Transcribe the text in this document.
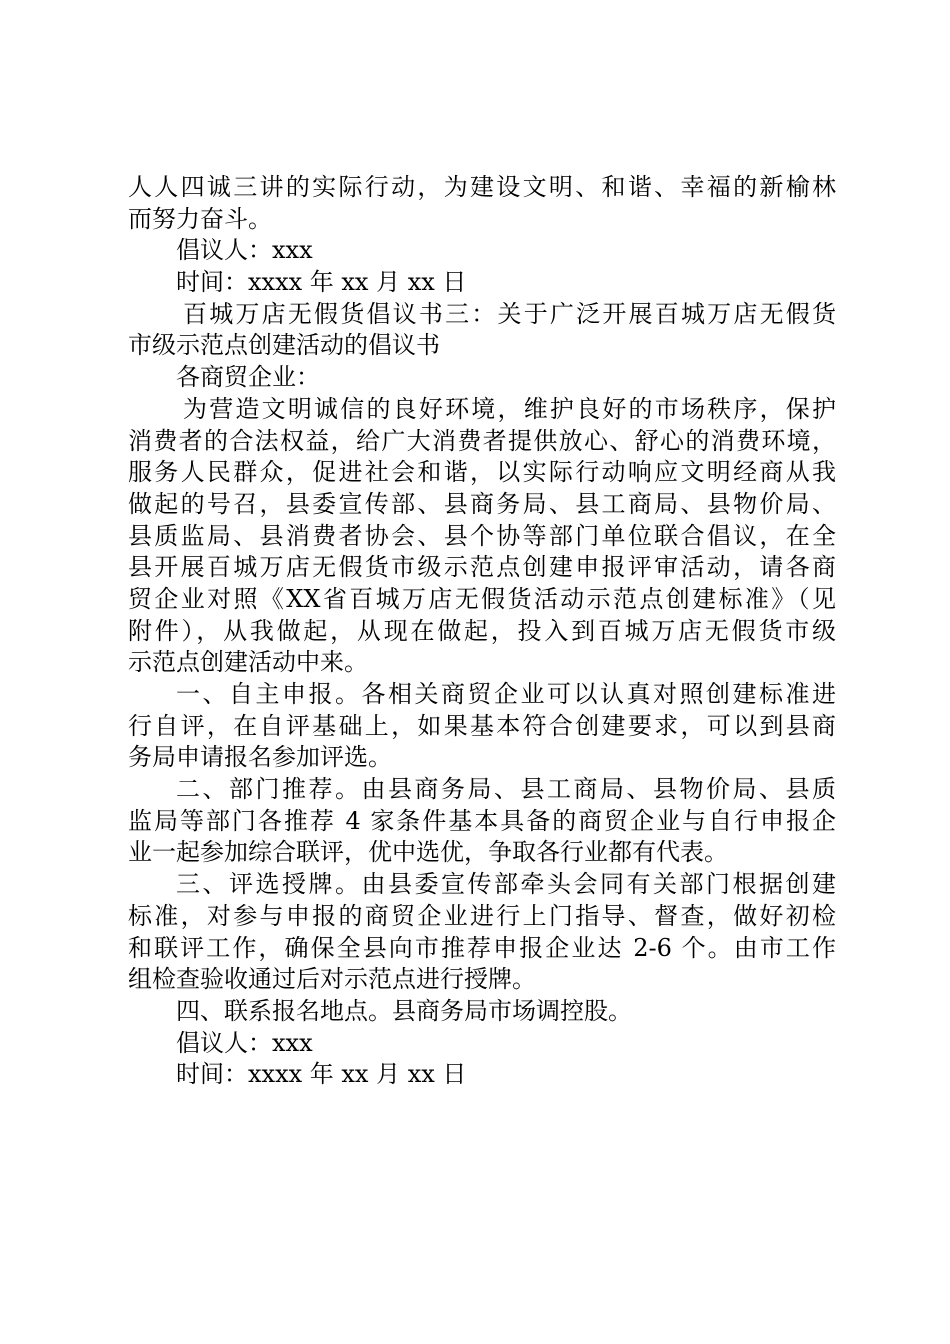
人人四诚三讲的实际行动，为建设文明、和谐、幸福的新榆林
而努力奋斗。
倡议人：xxx
时间：xxxx 年 xx 月 xx 日
百城万店无假货倡议书三：关于广泛开展百城万店无假货
市级示范点创建活动的倡议书
各商贸企业：
为营造文明诚信的良好环境，维护良好的市场秩序，保护
消费者的合法权益，给广大消费者提供放心、舒心的消费环境，
服务人民群众，促进社会和谐，以实际行动响应文明经商从我
做起的号召，县委宣传部、县商务局、县工商局、县物价局、
县质监局、县消费者协会、县个协等部门单位联合倡议，在全
县开展百城万店无假货市级示范点创建申报评审活动，请各商
贸企业对照《XX省百城万店无假货活动示范点创建标准》（见
附件），从我做起，从现在做起，投入到百城万店无假货市级
示范点创建活动中来。
一、自主申报。各相关商贸企业可以认真对照创建标准进
行自评，在自评基础上，如果基本符合创建要求，可以到县商
务局申请报名参加评选。
二、部门推荐。由县商务局、县工商局、县物价局、县质
监局等部门各推荐 4 家条件基本具备的商贸企业与自行申报企
业一起参加综合联评，优中选优，争取各行业都有代表。
三、评选授牌。由县委宣传部牵头会同有关部门根据创建
标准，对参与申报的商贸企业进行上门指导、督查，做好初检
和联评工作，确保全县向市推荐申报企业达 2-6 个。由市工作
组检查验收通过后对示范点进行授牌。
四、联系报名地点。县商务局市场调控股。
倡议人：xxx
时间：xxxx 年 xx 月 xx 日
